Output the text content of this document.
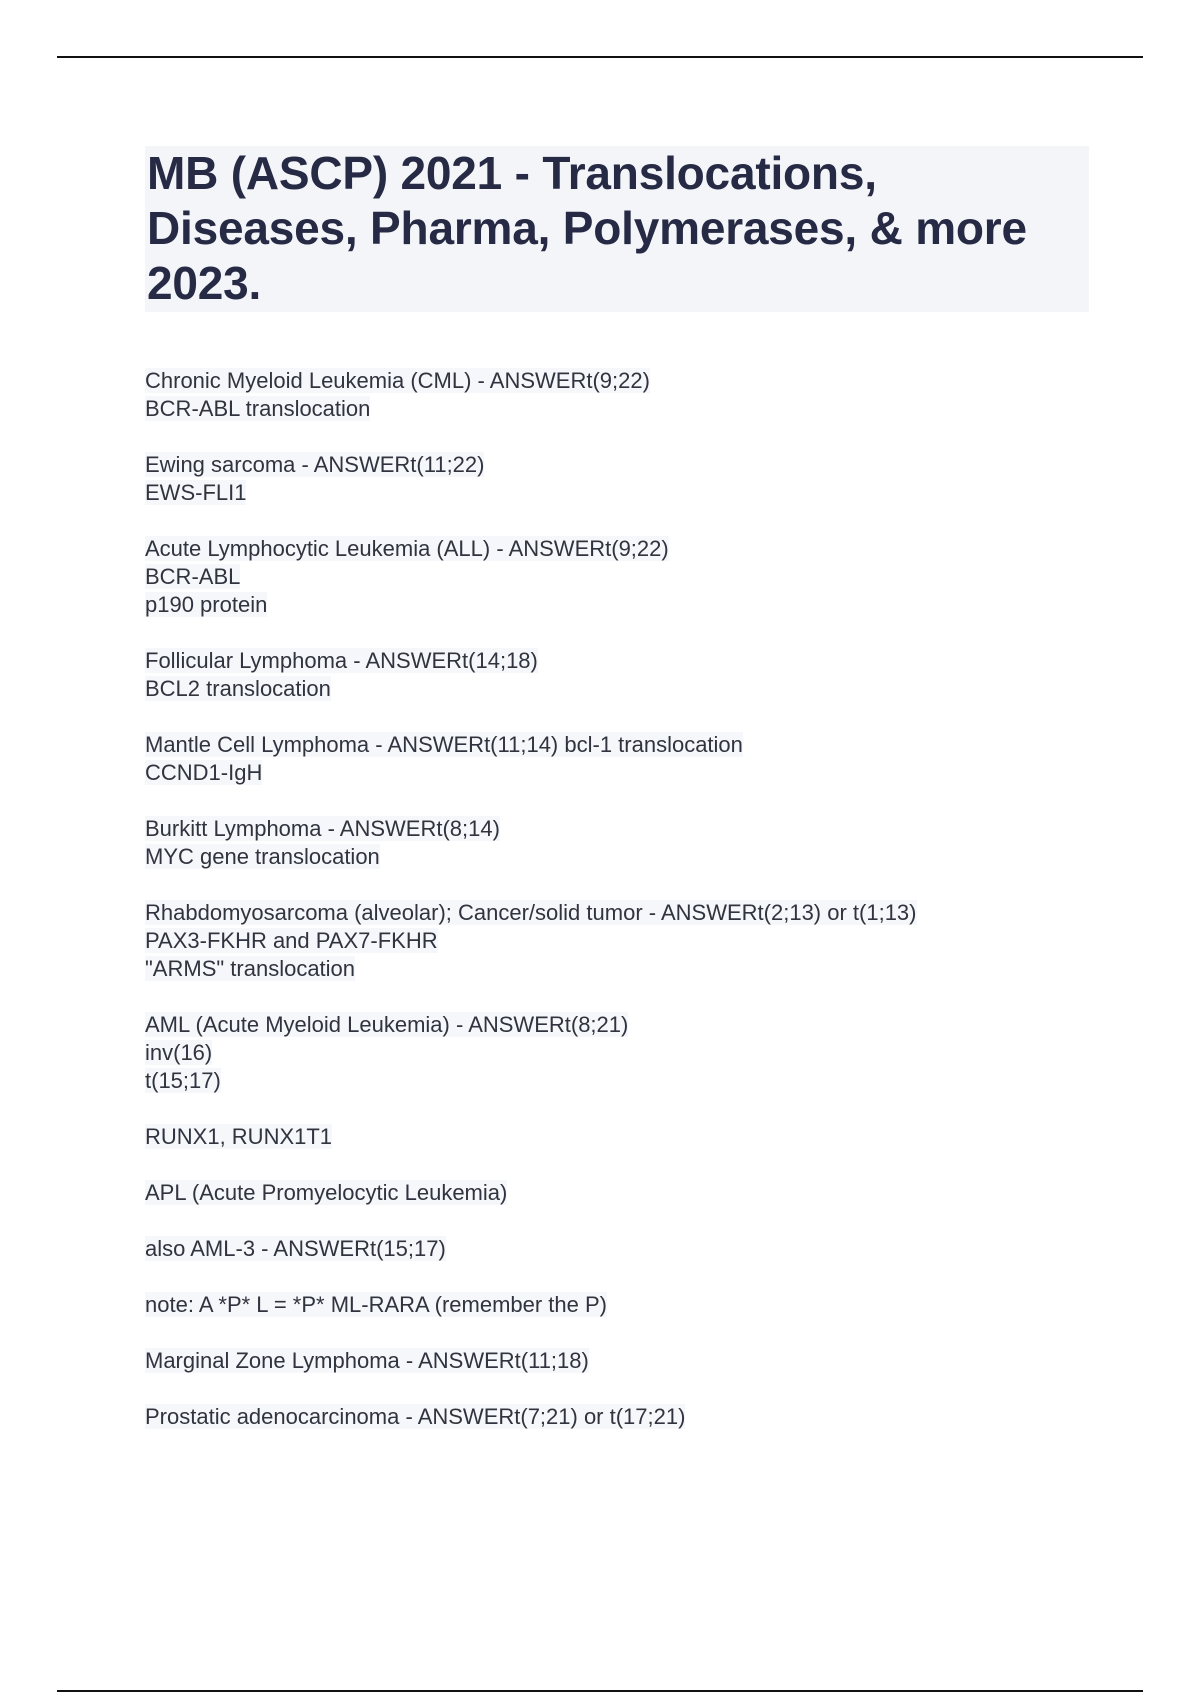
MB (ASCP) 2021 - Translocations, Diseases, Pharma, Polymerases, & more 2023.
Chronic Myeloid Leukemia (CML) - ANSWERt(9;22)
BCR-ABL translocation
Ewing sarcoma - ANSWERt(11;22)
EWS-FLI1
Acute Lymphocytic Leukemia (ALL) - ANSWERt(9;22)
BCR-ABL
p190 protein
Follicular Lymphoma - ANSWERt(14;18)
BCL2 translocation
Mantle Cell Lymphoma - ANSWERt(11;14) bcl-1 translocation
CCND1-IgH
Burkitt Lymphoma - ANSWERt(8;14)
MYC gene translocation
Rhabdomyosarcoma (alveolar); Cancer/solid tumor - ANSWERt(2;13) or t(1;13)
PAX3-FKHR and PAX7-FKHR
"ARMS" translocation
AML (Acute Myeloid Leukemia) - ANSWERt(8;21)
inv(16)
t(15;17)
RUNX1, RUNX1T1
APL (Acute Promyelocytic Leukemia)
also AML-3 - ANSWERt(15;17)
note: A *P* L = *P* ML-RARA (remember the P)
Marginal Zone Lymphoma - ANSWERt(11;18)
Prostatic adenocarcinoma - ANSWERt(7;21) or t(17;21)
